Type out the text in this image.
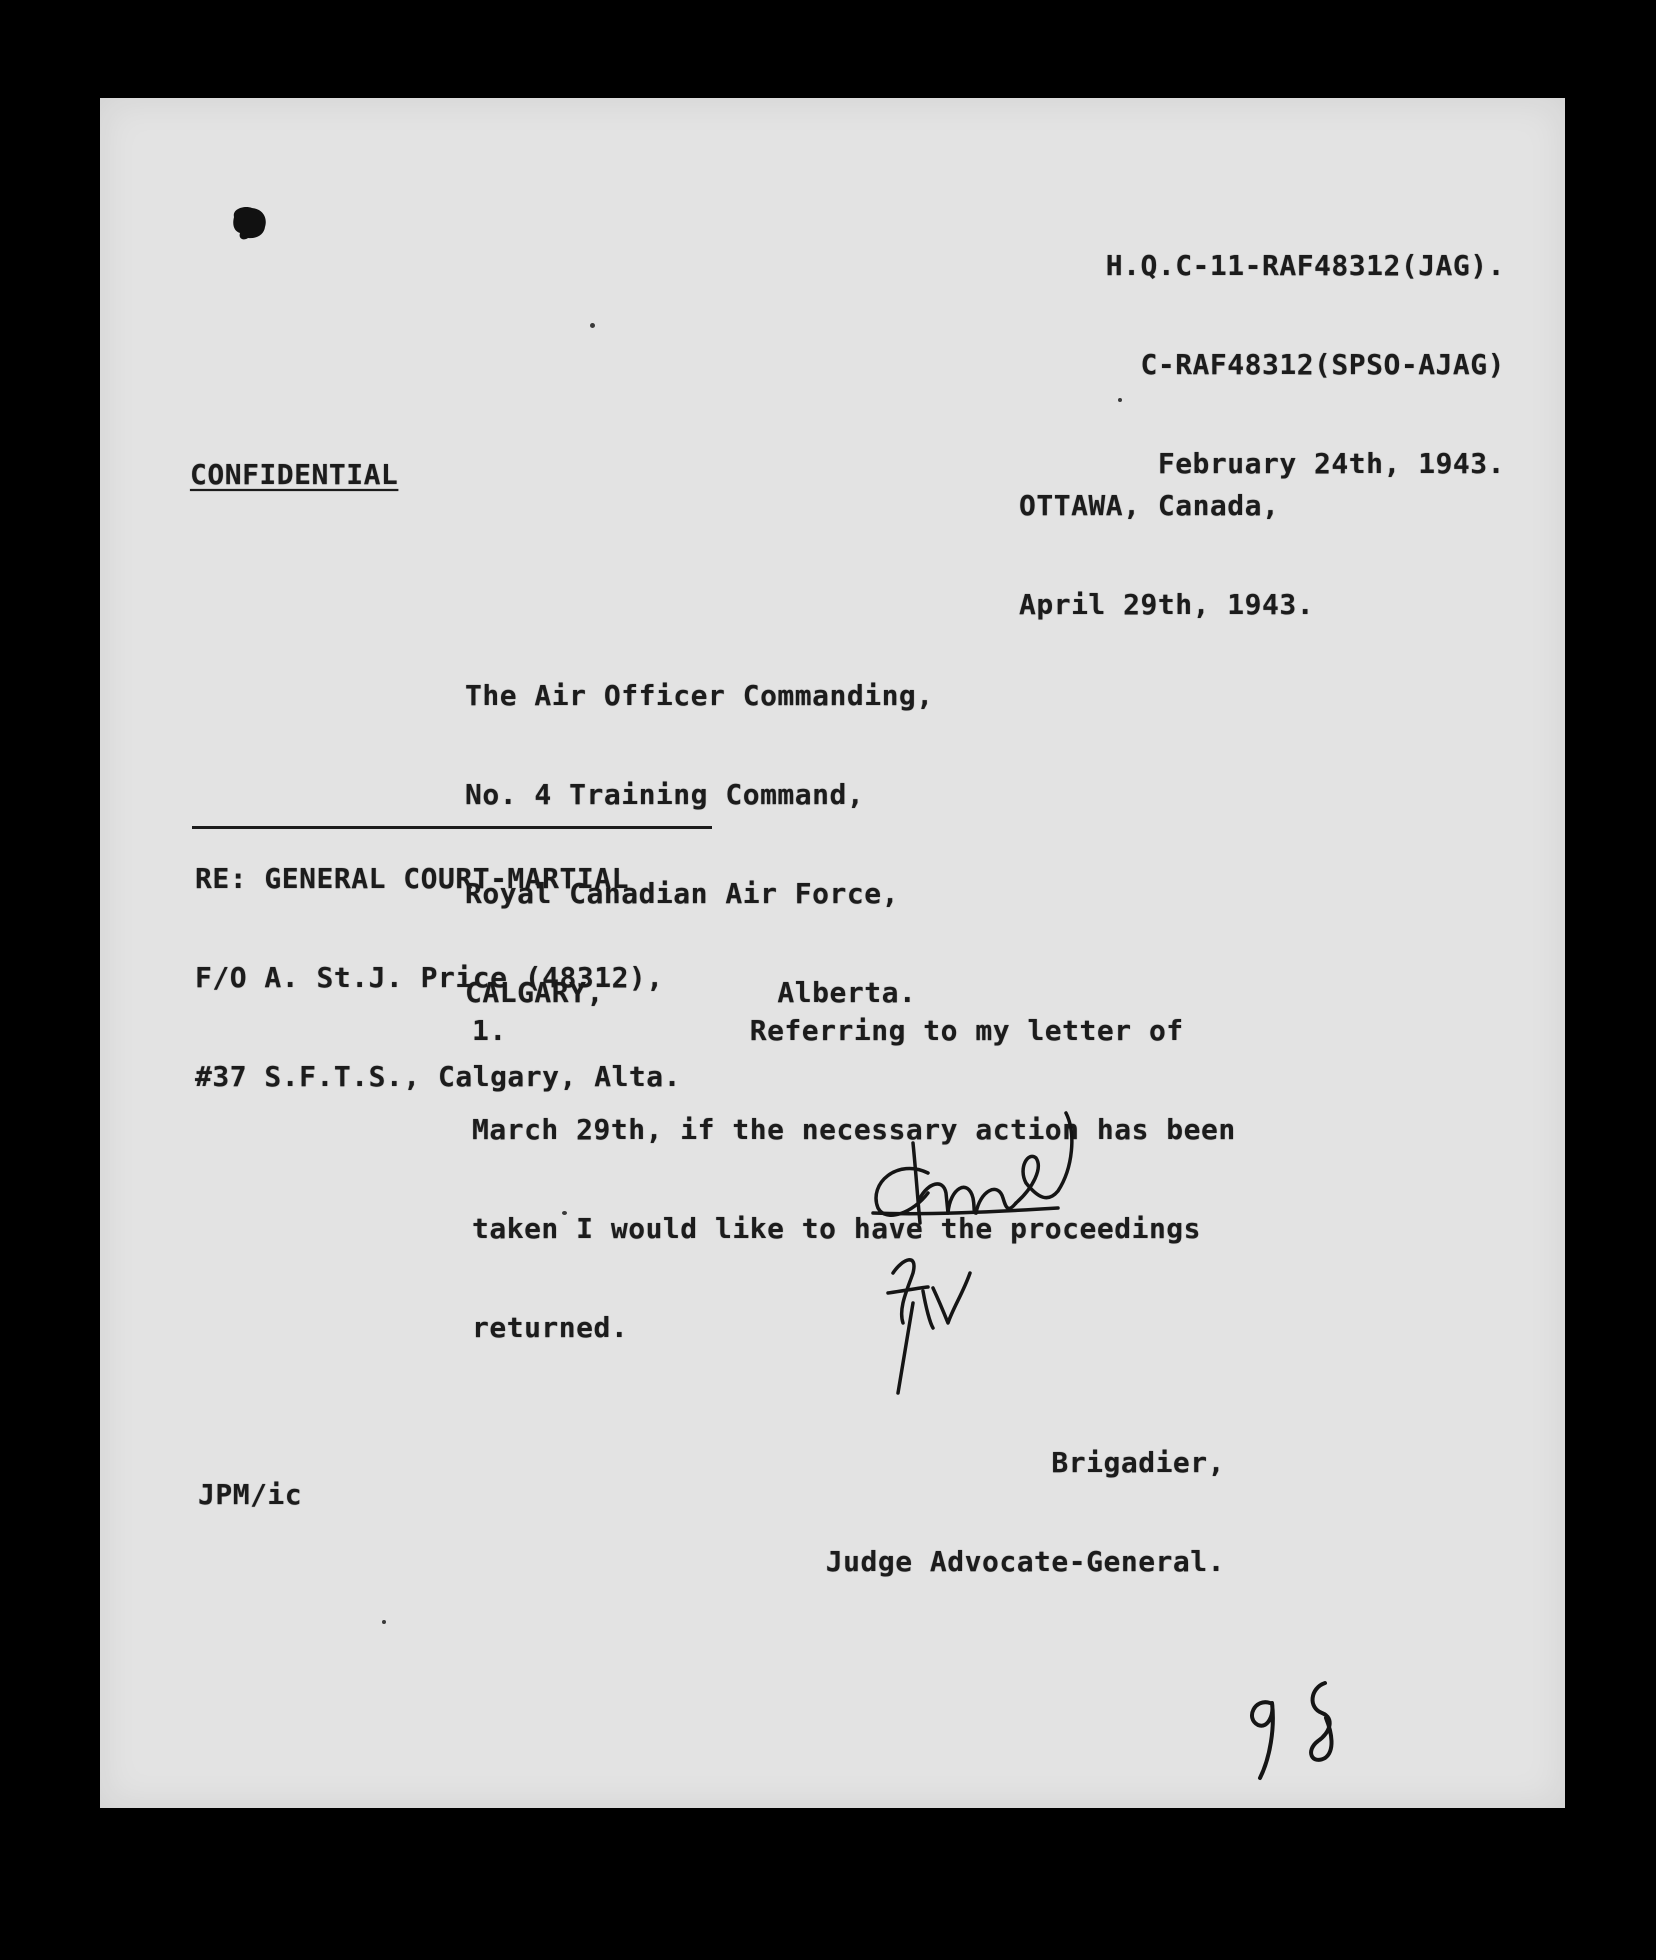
H.Q.C-11-RAF48312(JAG).

C-RAF48312(SPSO-AJAG)

February 24th, 1943.

OTTAWA, Canada,

April 29th, 1943.

CONFIDENTIAL

The Air Officer Commanding,

No. 4 Training Command,

Royal Canadian Air Force,

CALGARY,          Alberta.

RE: GENERAL COURT-MARTIAL

F/O A. St.J. Price (48312),

#37 S.F.T.S., Calgary, Alta.

1.              Referring to my letter of

March 29th, if the necessary action has been

taken I would like to have the proceedings

returned.

Brigadier,

Judge Advocate-General.

JPM/ic
